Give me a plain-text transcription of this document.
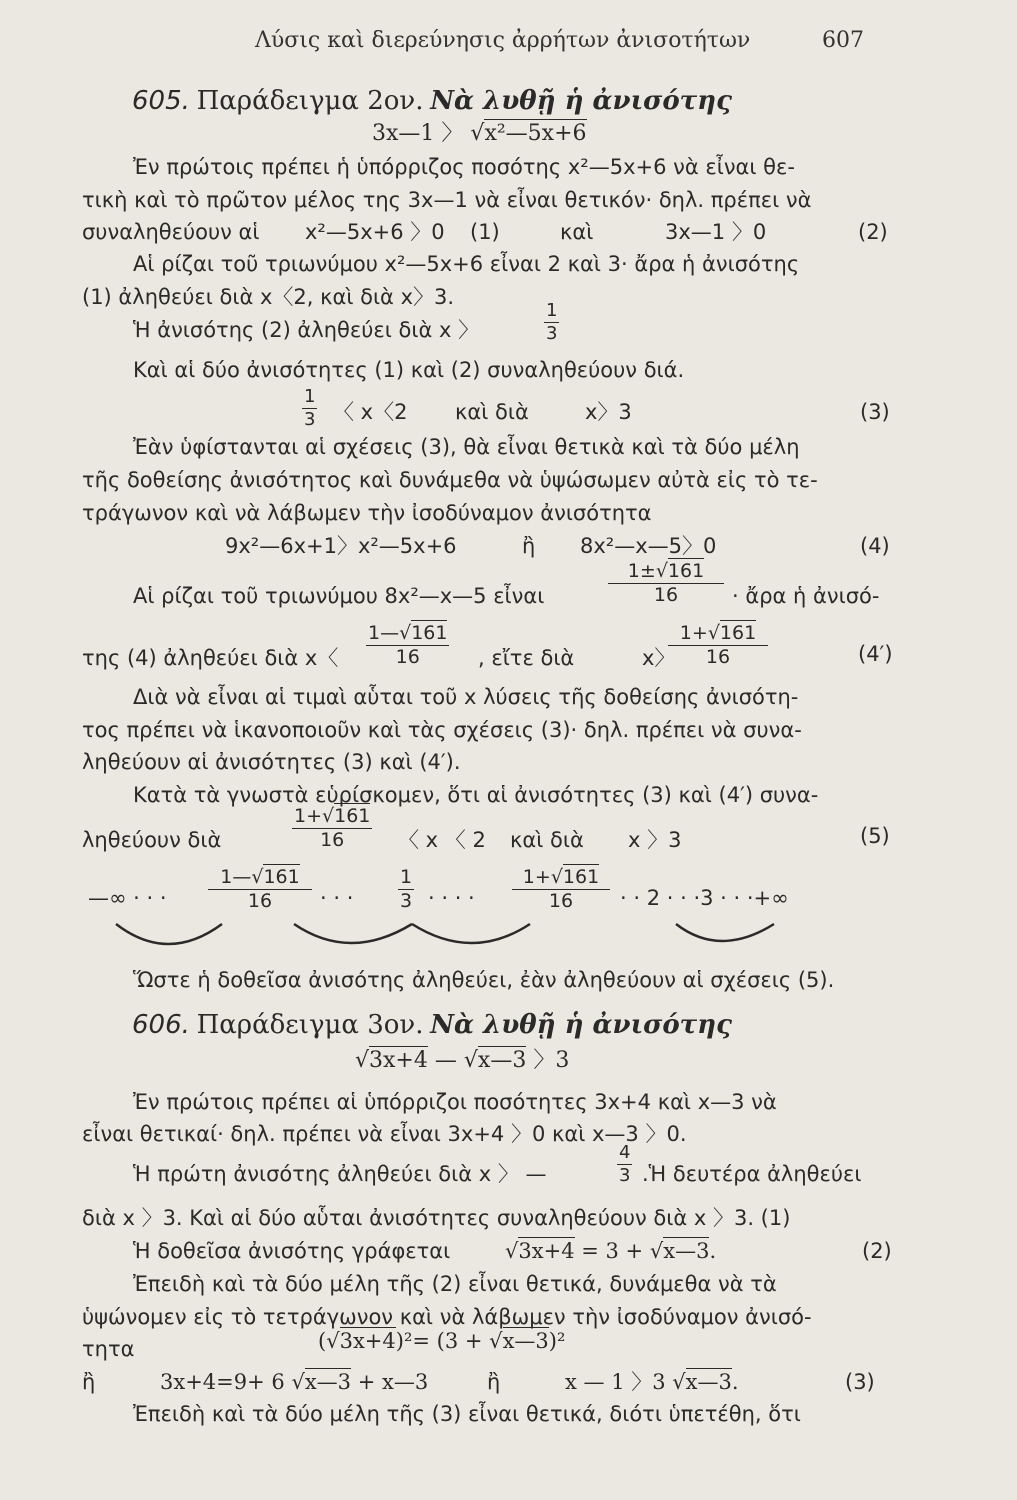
Λύσις καὶ διερεύνησις ἀρρήτων ἀνισοτήτων	607
605. Παράδειγμα 2ον. Νὰ λυθῇ ἡ ἀνισότης
3x—1 〉 √x²—5x+6
Ἐν πρώτοις πρέπει ἡ ὑπόρριζος ποσότης x²—5x+6 νὰ εἶναι θε-
τικὴ καὶ τὸ πρῶτον μέλος της 3x—1 νὰ εἶναι θετικόν· δηλ. πρέπει νὰ
συναληθεύουν αἱ x²—5x+6 〉0 (1)	καὶ	3x—1 〉0	(2)
Αἱ ρίζαι τοῦ τριωνύμου x²—5x+6 εἶναι 2 καὶ 3· ἄρα ἡ ἀνισότης
(1) ἀληθεύει διὰ x〈2, καὶ διὰ x〉3.
Ἡ ἀνισότης (2) ἀληθεύει διὰ x 〉
1
3
Καὶ αἱ δύο ἀνισότητες (1) καὶ (2) συναληθεύουν διά.
1
3 〈 x〈2 καὶ διὰ	x〉3	(3)
Ἐὰν ὑφίστανται αἱ σχέσεις (3), θὰ εἶναι θετικὰ καὶ τὰ δύο μέλη
τῆς δοθείσης ἀνισότητος καὶ δυνάμεθα νὰ ὑψώσωμεν αὐτὰ εἰς τὸ τε-
τράγωνον καὶ νὰ λάβωμεν τὴν ἰσοδύναμον ἀνισότητα
9x²—6x+1〉x²—5x+6	ἢ 8x²—x—5〉0	(4)
Αἱ ρίζαι τοῦ τριωνύμου 8x²—x—5 εἶναι
1±√161
16	· ἄρα ἡ ἀνισό-
της (4) ἀληθεύει διὰ x〈
1—√161
16	, εἴτε διὰ	x〉
1+√161
16	(4′)
Διὰ νὰ εἶναι αἱ τιμαὶ αὗται τοῦ x λύσεις τῆς δοθείσης ἀνισότη-
τος πρέπει νὰ ἱκανοποιοῦν καὶ τὰς σχέσεις (3)· δηλ. πρέπει νὰ συνα-
ληθεύουν αἱ ἀνισότητες (3) καὶ (4′).
Κατὰ τὰ γνωστὰ εὑρίσκομεν, ὅτι αἱ ἀνισότητες (3) καὶ (4′) συνα-
ληθεύουν διὰ
1+√161
16	〈 x 〈 2 καὶ διὰ x 〉3	(5)
—∞ · · ·
1—√161
16	· · ·
1
3 · · · ·
1+√161
16	· · 2 · · ·3 · · ·+∞
Ὥστε ἡ δοθεῖσα ἀνισότης ἀληθεύει, ἐὰν ἀληθεύουν αἱ σχέσεις (5).
606. Παράδειγμα 3ον. Νὰ λυθῇ ἡ ἀνισότης
√3x+4 — √x—3 〉3
Ἐν πρώτοις πρέπει αἱ ὑπόρριζοι ποσότητες 3x+4 καὶ x—3 νὰ
εἶναι θετικαί· δηλ. πρέπει νὰ εἶναι 3x+4 〉0 καὶ x—3 〉0.
Ἡ πρώτη ἀνισότης ἀληθεύει διὰ x 〉 —
4
3 .Ἡ δευτέρα ἀληθεύει
διὰ x 〉3. Καὶ αἱ δύο αὗται ἀνισότητες συναληθεύουν διὰ x 〉3. (1)
Ἡ δοθεῖσα ἀνισότης γράφεται	√3x+4 = 3 + √x—3.	(2)
Ἐπειδὴ καὶ τὰ δύο μέλη τῆς (2) εἶναι θετικά, δυνάμεθα νὰ τὰ
ὑψώνομεν εἰς τὸ τετράγωνον καὶ νὰ λάβωμεν τὴν ἰσοδύναμον ἀνισό-
τητα	(√3x+4)²= (3 + √x—3)²
ἢ	3x+4=9+ 6 √x—3 + x—3	ἢ	x — 1 〉3 √x—3.	(3)
Ἐπειδὴ καὶ τὰ δύο μέλη τῆς (3) εἶναι θετικά, διότι ὑπετέθη, ὅτι
